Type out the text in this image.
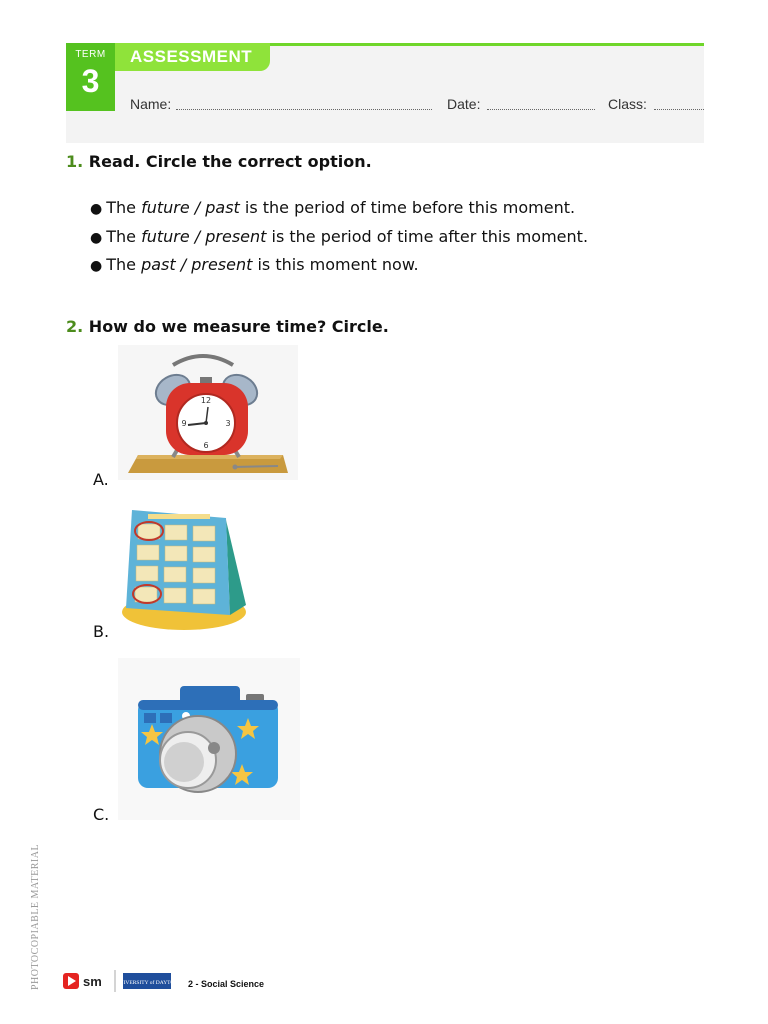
TERM
3
ASSESSMENT
Name:	Date:	Class:
1. Read. Circle the correct option.
● The future / past is the period of time before this moment.
● The future / present is the period of time after this moment.
● The past / present is this moment now.
2. How do we measure time? Circle.
A.
12
3
6
9
B.
C.
PHOTOCOPIABLE MATERIAL	sm	UNIVERSITY of DAYTON 2 - Social Science
